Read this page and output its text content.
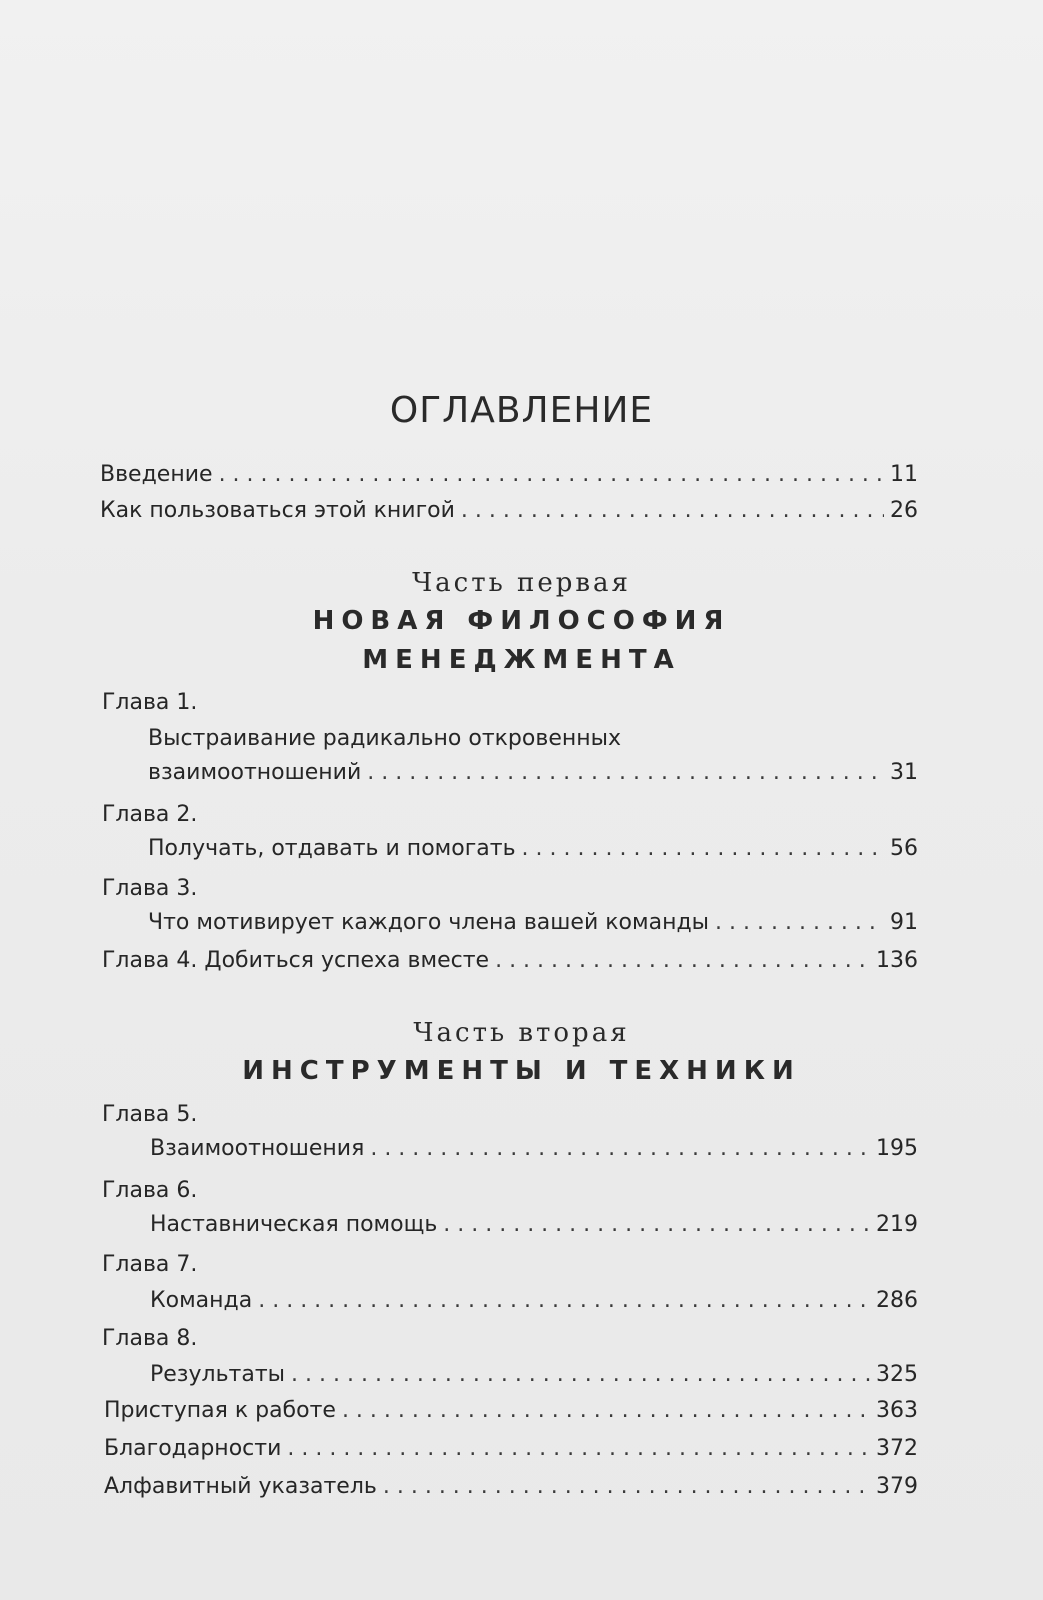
ОГЛАВЛЕНИЕ
Введение . . .	11
Как пользоваться этой книгой . . .	26
Часть первая
НОВАЯ ФИЛОСОФИЯ
МЕНЕДЖМЕНТА
Глава 1.
Выстраивание радикально откровенных
взаимоотношений . . .	31
Глава 2.
Получать, отдавать и помогать . . .	56
Глава 3.
Что мотивирует каждого члена вашей команды . . .	91
Глава 4. Добиться успеха вместе . . .	136
Часть вторая
ИНСТРУМЕНТЫ И ТЕХНИКИ
Глава 5.
Взаимоотношения . . .	195
Глава 6.
Наставническая помощь . . .	219
Глава 7.
Команда . . .	286
Глава 8.
Результаты . . .	325
Приступая к работе . . .	363
Благодарности . . .	372
Алфавитный указатель . . .	379
